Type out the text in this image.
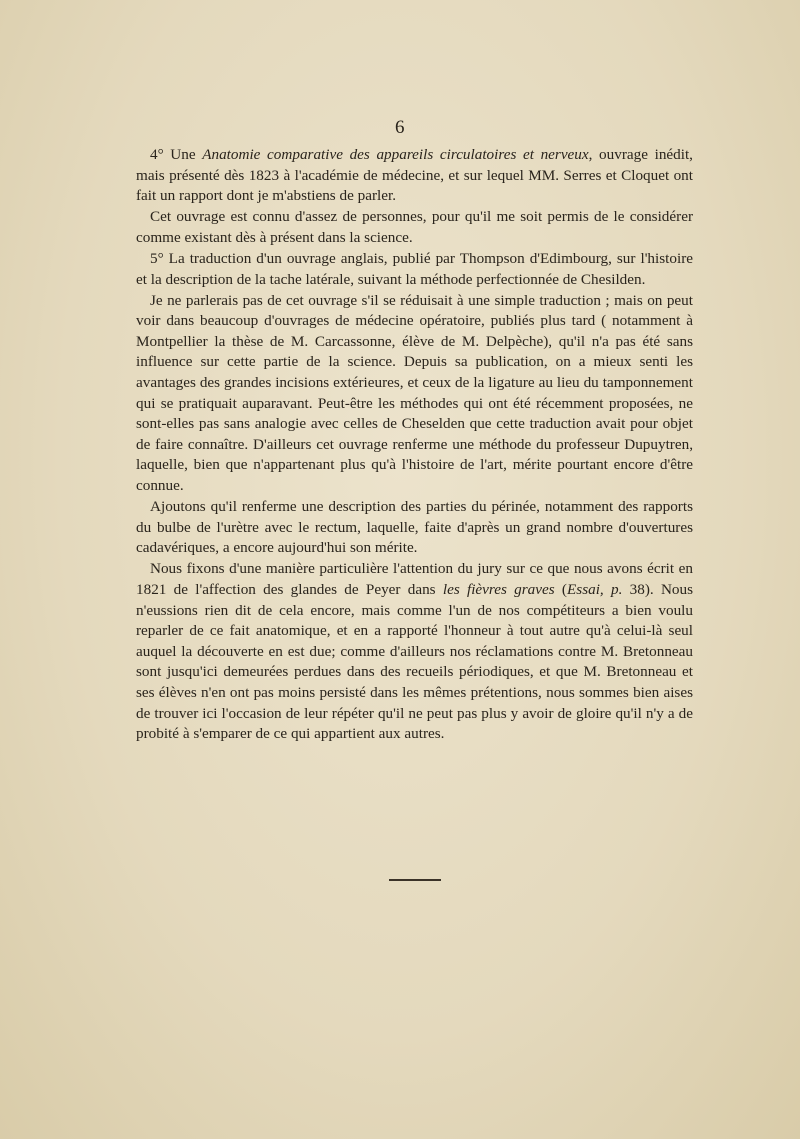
6

4° Une Anatomie comparative des appareils circulatoires et nerveux, ouvrage inédit, mais présenté dès 1823 à l'académie de médecine, et sur lequel MM. Serres et Cloquet ont fait un rapport dont je m'abstiens de parler.

Cet ouvrage est connu d'assez de personnes, pour qu'il me soit permis de le considérer comme existant dès à présent dans la science.

5° La traduction d'un ouvrage anglais, publié par Thompson d'Edimbourg, sur l'histoire et la description de la tache latérale, suivant la méthode perfectionnée de Chesilden.

Je ne parlerais pas de cet ouvrage s'il se réduisait à une simple traduction ; mais on peut voir dans beaucoup d'ouvrages de médecine opératoire, publiés plus tard ( notamment à Montpellier la thèse de M. Carcassonne, élève de M. Delpèche), qu'il n'a pas été sans influence sur cette partie de la science. Depuis sa publication, on a mieux senti les avantages des grandes incisions extérieures, et ceux de la ligature au lieu du tamponnement qui se pratiquait auparavant. Peut-être les méthodes qui ont été récemment proposées, ne sont-elles pas sans analogie avec celles de Cheselden que cette traduction avait pour objet de faire connaître. D'ailleurs cet ouvrage renferme une méthode du professeur Dupuytren, laquelle, bien que n'appartenant plus qu'à l'histoire de l'art, mérite pourtant encore d'être connue.

Ajoutons qu'il renferme une description des parties du périnée, notamment des rapports du bulbe de l'urètre avec le rectum, laquelle, faite d'après un grand nombre d'ouvertures cadavériques, a encore aujourd'hui son mérite.

Nous fixons d'une manière particulière l'attention du jury sur ce que nous avons écrit en 1821 de l'affection des glandes de Peyer dans les fièvres graves (Essai, p. 38). Nous n'eussions rien dit de cela encore, mais comme l'un de nos compétiteurs a bien voulu reparler de ce fait anatomique, et en a rapporté l'honneur à tout autre qu'à celui-là seul auquel la découverte en est due; comme d'ailleurs nos réclamations contre M. Bretonneau sont jusqu'ici demeurées perdues dans des recueils périodiques, et que M. Bretonneau et ses élèves n'en ont pas moins persisté dans les mêmes prétentions, nous sommes bien aises de trouver ici l'occasion de leur répéter qu'il ne peut pas plus y avoir de gloire qu'il n'y a de probité à s'emparer de ce qui appartient aux autres.
